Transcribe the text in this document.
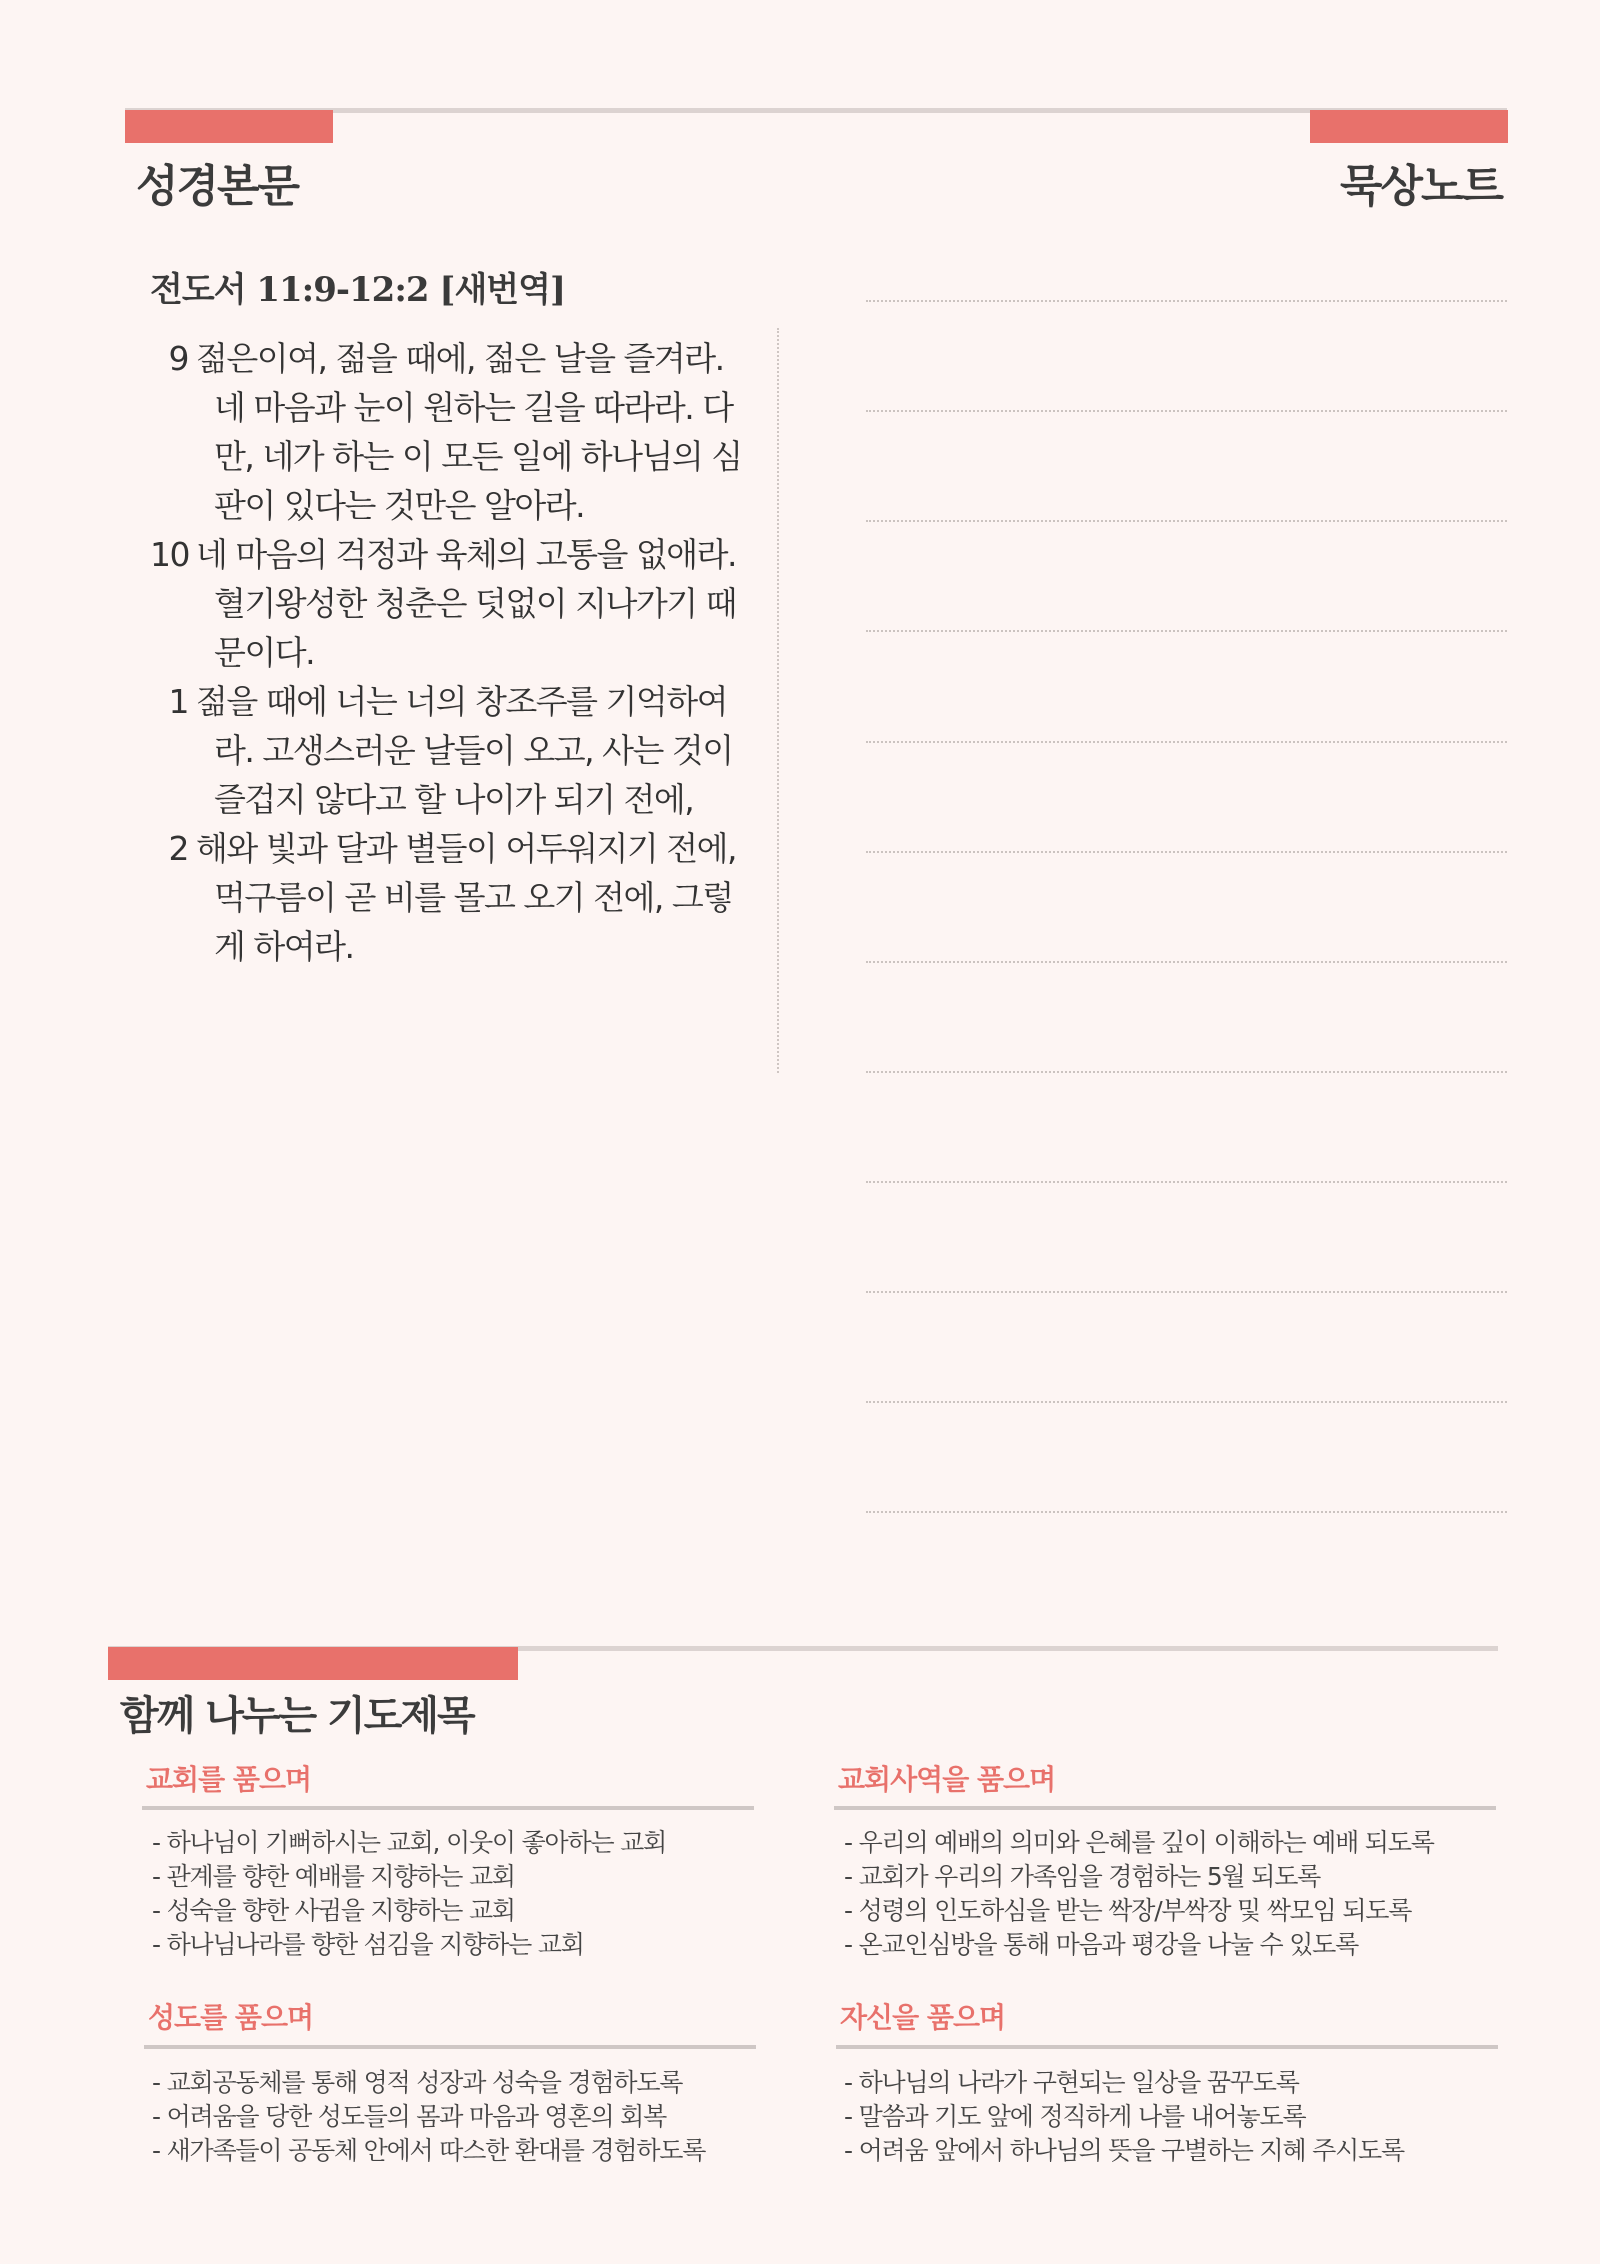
성경본문	묵상노트
전도서 11:9-12:2 [새번역]
9 젊은이여, 젊을 때에, 젊은 날을 즐겨라.
네 마음과 눈이 원하는 길을 따라라. 다
만, 네가 하는 이 모든 일에 하나님의 심
판이 있다는 것만은 알아라.
10 네 마음의 걱정과 육체의 고통을 없애라.
혈기왕성한 청춘은 덧없이 지나가기 때
문이다.
1 젊을 때에 너는 너의 창조주를 기억하여
라. 고생스러운 날들이 오고, 사는 것이
즐겁지 않다고 할 나이가 되기 전에,
2 해와 빛과 달과 별들이 어두워지기 전에,
먹구름이 곧 비를 몰고 오기 전에, 그렇
게 하여라.
함께 나누는 기도제목
교회를 품으며
- 하나님이 기뻐하시는 교회, 이웃이 좋아하는 교회
- 관계를 향한 예배를 지향하는 교회
- 성숙을 향한 사귐을 지향하는 교회
- 하나님나라를 향한 섬김을 지향하는 교회
교회사역을 품으며
- 우리의 예배의 의미와 은혜를 깊이 이해하는 예배 되도록
- 교회가 우리의 가족임을 경험하는 5월 되도록
- 성령의 인도하심을 받는 싹장/부싹장 및 싹모임 되도록
- 온교인심방을 통해 마음과 평강을 나눌 수 있도록
성도를 품으며
- 교회공동체를 통해 영적 성장과 성숙을 경험하도록
- 어려움을 당한 성도들의 몸과 마음과 영혼의 회복
- 새가족들이 공동체 안에서 따스한 환대를 경험하도록
자신을 품으며
- 하나님의 나라가 구현되는 일상을 꿈꾸도록
- 말씀과 기도 앞에 정직하게 나를 내어놓도록
- 어려움 앞에서 하나님의 뜻을 구별하는 지혜 주시도록
